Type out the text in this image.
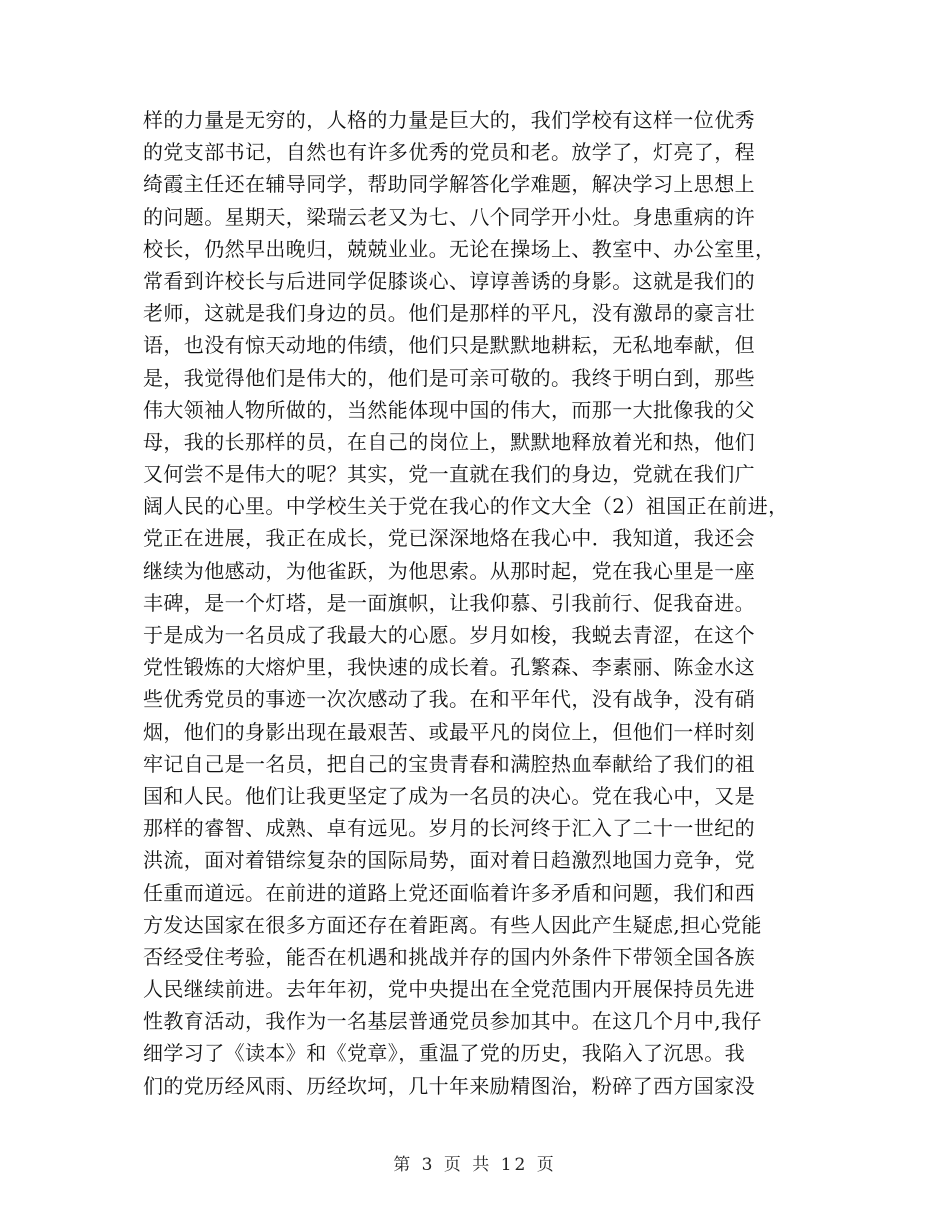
样的力量是无穷的，人格的力量是巨大的，我们学校有这样一位优秀
的党支部书记，自然也有许多优秀的党员和老。放学了，灯亮了，程
绮霞主任还在辅导同学，帮助同学解答化学难题，解决学习上思想上
的问题。星期天，梁瑞云老又为七、八个同学开小灶。身患重病的许
校长，仍然早出晚归，兢兢业业。无论在操场上、教室中、办公室里，
常看到许校长与后进同学促膝谈心、谆谆善诱的身影。这就是我们的
老师，这就是我们身边的员。他们是那样的平凡，没有激昂的豪言壮
语，也没有惊天动地的伟绩，他们只是默默地耕耘，无私地奉献，但
是，我觉得他们是伟大的，他们是可亲可敬的。我终于明白到，那些
伟大领袖人物所做的，当然能体现中国的伟大，而那一大批像我的父
母，我的长那样的员，在自己的岗位上，默默地释放着光和热，他们
又何尝不是伟大的呢？其实，党一直就在我们的身边，党就在我们广
阔人民的心里。中学校生关于党在我心的作文大全（2）祖国正在前进，
党正在进展，我正在成长，党已深深地烙在我心中．我知道，我还会
继续为他感动，为他雀跃，为他思索。从那时起，党在我心里是一座
丰碑，是一个灯塔，是一面旗帜，让我仰慕、引我前行、促我奋进。
于是成为一名员成了我最大的心愿。岁月如梭，我蜕去青涩，在这个
党性锻炼的大熔炉里，我快速的成长着。孔繁森、李素丽、陈金水这
些优秀党员的事迹一次次感动了我。在和平年代，没有战争，没有硝
烟，他们的身影出现在最艰苦、或最平凡的岗位上，但他们一样时刻
牢记自己是一名员，把自己的宝贵青春和满腔热血奉献给了我们的祖
国和人民。他们让我更坚定了成为一名员的决心。党在我心中，又是
那样的睿智、成熟、卓有远见。岁月的长河终于汇入了二十一世纪的
洪流，面对着错综复杂的国际局势，面对着日趋激烈地国力竞争，党
任重而道远。在前进的道路上党还面临着许多矛盾和问题，我们和西
方发达国家在很多方面还存在着距离。有些人因此产生疑虑,担心党能
否经受住考验，能否在机遇和挑战并存的国内外条件下带领全国各族
人民继续前进。去年年初，党中央提出在全党范围内开展保持员先进
性教育活动，我作为一名基层普通党员参加其中。在这几个月中,我仔
细学习了《读本》和《党章》，重温了党的历史，我陷入了沉思。我
们的党历经风雨、历经坎坷，几十年来励精图治，粉碎了西方国家没
第 3 页 共 12 页
